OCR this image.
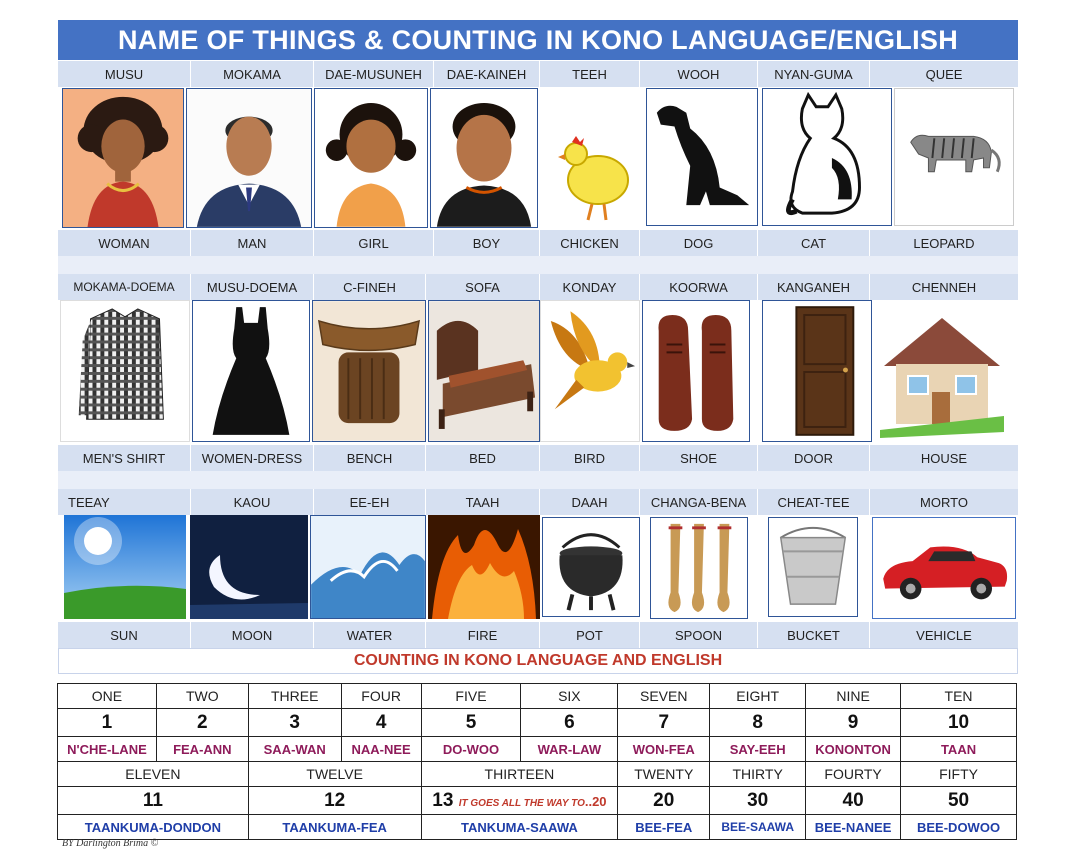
NAME OF THINGS & COUNTING IN KONO LANGUAGE/ENGLISH
MUSU	MOKAMA	DAE-MUSUNEH	DAE-KAINEH	TEEH	WOOH	NYAN-GUMA	QUEE
WOMAN	MAN	GIRL	BOY	CHICKEN	DOG	CAT	LEOPARD
MOKAMA-DOEMA	MUSU-DOEMA	C-FINEH	SOFA	KONDAY	KOORWA	KANGANEH	CHENNEH
MEN'S SHIRT	WOMEN-DRESS	BENCH	BED	BIRD	SHOE	DOOR	HOUSE
TEEAY	KAOU	EE-EH	TAAH	DAAH	CHANGA-BENA	CHEAT-TEE	MORTO
SUN	MOON	WATER	FIRE	POT	SPOON	BUCKET	VEHICLE
COUNTING IN KONO LANGUAGE AND ENGLISH
ONE	TWO	THREE	FOUR	FIVE	SIX	SEVEN	EIGHT	NINE	TEN
1	2	3	4	5	6	7	8	9	10
N'CHE-LANE	FEA-ANN	SAA-WAN	NAA-NEE	DO-WOO	WAR-LAW	WON-FEA	SAY-EEH	KONONTON	TAAN
ELEVEN		TWELVE		THIRTEEN		TWENTY	THIRTY	FOURTY	FIFTY
11		12		13 IT GOES ALL THE WAY TO..20		20	30	40	50
TAANKUMA-DONDON		TAANKUMA-FEA		TANKUMA-SAAWA		BEE-FEA	BEE-SAAWA	BEE-NANEE	BEE-DOWOO
BY Darlington Brima ©
